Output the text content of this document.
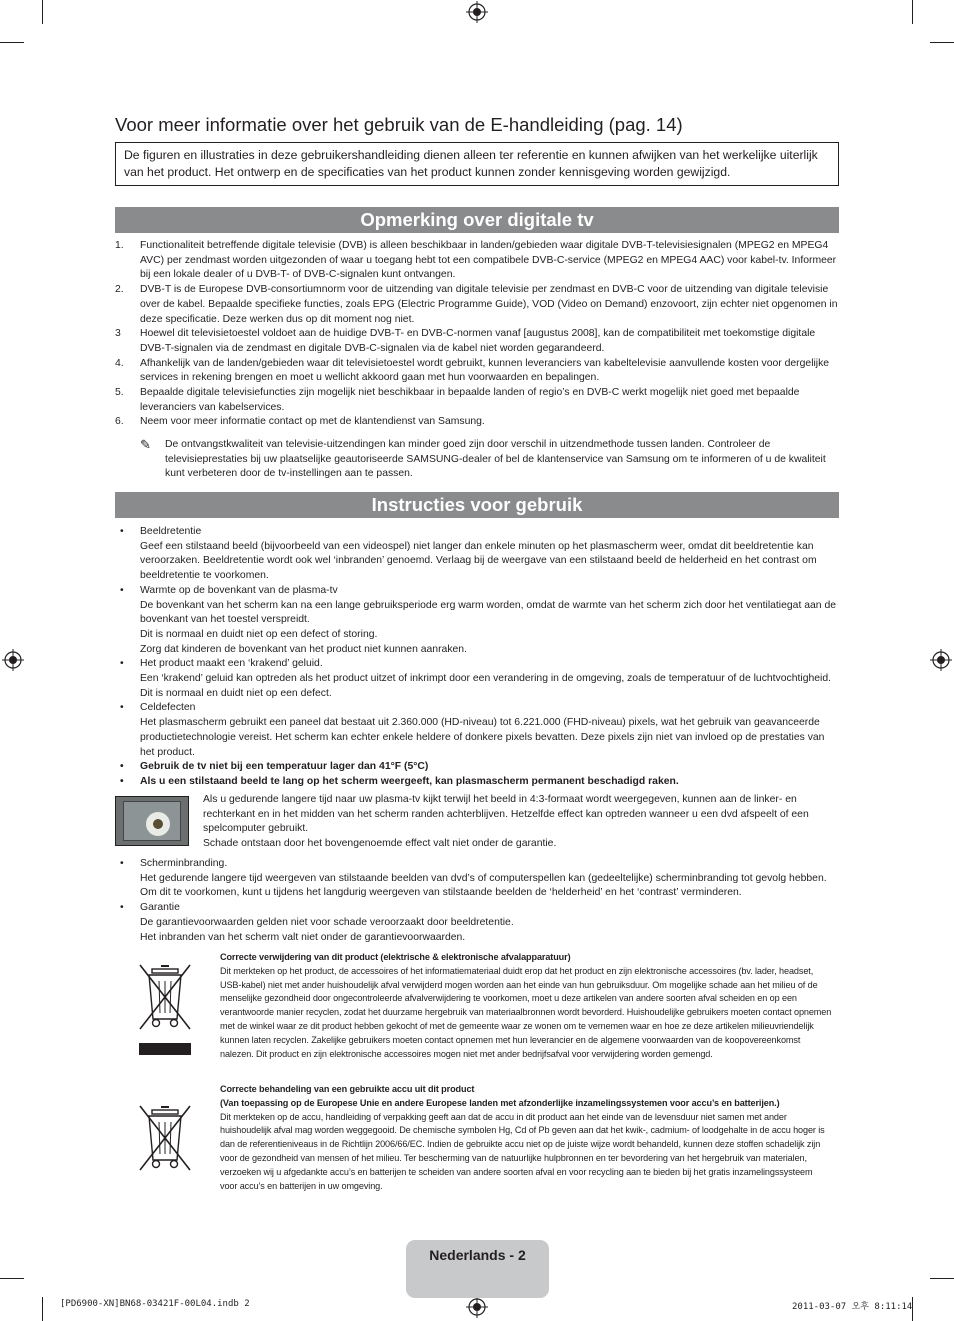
Voor meer informatie over het gebruik van de E-handleiding (pag. 14)
De figuren en illustraties in deze gebruikershandleiding dienen alleen ter referentie en kunnen afwijken van het werkelijke uiterlijk van het product. Het ontwerp en de specificaties van het product kunnen zonder kennisgeving worden gewijzigd.
Opmerking over digitale tv
1. Functionaliteit betreffende digitale televisie (DVB) is alleen beschikbaar in landen/gebieden waar digitale DVB-T-televisiesignalen (MPEG2 en MPEG4 AVC) per zendmast worden uitgezonden of waar u toegang hebt tot een compatibele DVB-C-service (MPEG2 en MPEG4 AAC) voor kabel-tv. Informeer bij een lokale dealer of u DVB-T- of DVB-C-signalen kunt ontvangen.
2. DVB-T is de Europese DVB-consortiumnorm voor de uitzending van digitale televisie per zendmast en DVB-C voor de uitzending van digitale televisie over de kabel. Bepaalde specifieke functies, zoals EPG (Electric Programme Guide), VOD (Video on Demand) enzovoort, zijn echter niet opgenomen in deze specificatie. Deze werken dus op dit moment nog niet.
3 Hoewel dit televisietoestel voldoet aan de huidige DVB-T- en DVB-C-normen vanaf [augustus 2008], kan de compatibiliteit met toekomstige digitale DVB-T-signalen via de zendmast en digitale DVB-C-signalen via de kabel niet worden gegarandeerd.
4. Afhankelijk van de landen/gebieden waar dit televisietoestel wordt gebruikt, kunnen leveranciers van kabeltelevisie aanvullende kosten voor dergelijke services in rekening brengen en moet u wellicht akkoord gaan met hun voorwaarden en bepalingen.
5. Bepaalde digitale televisiefuncties zijn mogelijk niet beschikbaar in bepaalde landen of regio’s en DVB-C werkt mogelijk niet goed met bepaalde leveranciers van kabelservices.
6. Neem voor meer informatie contact op met de klantendienst van Samsung.
✎ De ontvangstkwaliteit van televisie-uitzendingen kan minder goed zijn door verschil in uitzendmethode tussen landen. Controleer de televisieprestaties bij uw plaatselijke geautoriseerde SAMSUNG-dealer of bel de klantenservice van Samsung om te informeren of u de kwaliteit kunt verbeteren door de tv-instellingen aan te passen.
Instructies voor gebruik
• Beeldretentie
Geef een stilstaand beeld (bijvoorbeeld van een videospel) niet langer dan enkele minuten op het plasmascherm weer, omdat dit beeldretentie kan veroorzaken. Beeldretentie wordt ook wel ‘inbranden’ genoemd. Verlaag bij de weergave van een stilstaand beeld de helderheid en het contrast om beeldretentie te voorkomen.
• Warmte op de bovenkant van de plasma-tv
De bovenkant van het scherm kan na een lange gebruiksperiode erg warm worden, omdat de warmte van het scherm zich door het ventilatiegat aan de bovenkant van het toestel verspreidt.
Dit is normaal en duidt niet op een defect of storing.
Zorg dat kinderen de bovenkant van het product niet kunnen aanraken.
• Het product maakt een ‘krakend’ geluid.
Een ‘krakend’ geluid kan optreden als het product uitzet of inkrimpt door een verandering in de omgeving, zoals de temperatuur of de luchtvochtigheid. Dit is normaal en duidt niet op een defect.
• Celdefecten
Het plasmascherm gebruikt een paneel dat bestaat uit 2.360.000 (HD-niveau) tot 6.221.000 (FHD-niveau) pixels, wat het gebruik van geavanceerde productietechnologie vereist. Het scherm kan echter enkele heldere of donkere pixels bevatten. Deze pixels zijn niet van invloed op de prestaties van het product.
• Gebruik de tv niet bij een temperatuur lager dan 41°F (5°C)
• Als u een stilstaand beeld te lang op het scherm weergeeft, kan plasmascherm permanent beschadigd raken.
Als u gedurende langere tijd naar uw plasma-tv kijkt terwijl het beeld in 4:3-formaat wordt weergegeven, kunnen aan de linker- en rechterkant en in het midden van het scherm randen achterblijven. Hetzelfde effect kan optreden wanneer u een dvd afspeelt of een spelcomputer gebruikt.
Schade ontstaan door het bovengenoemde effect valt niet onder de garantie.
• Scherminbranding.
Het gedurende langere tijd weergeven van stilstaande beelden van dvd’s of computerspellen kan (gedeeltelijke) scherminbranding tot gevolg hebben. Om dit te voorkomen, kunt u tijdens het langdurig weergeven van stilstaande beelden de ‘helderheid’ en het ‘contrast’ verminderen.
• Garantie
De garantievoorwaarden gelden niet voor schade veroorzaakt door beeldretentie.
Het inbranden van het scherm valt niet onder de garantievoorwaarden.
Correcte verwijdering van dit product (elektrische & elektronische afvalapparatuur)
Dit merkteken op het product, de accessoires of het informatiemateriaal duidt erop dat het product en zijn elektronische accessoires (bv. lader, headset, USB-kabel) niet met ander huishoudelijk afval verwijderd mogen worden aan het einde van hun gebruiksduur. Om mogelijke schade aan het milieu of de menselijke gezondheid door ongecontroleerde afvalverwijdering te voorkomen, moet u deze artikelen van andere soorten afval scheiden en op een verantwoorde manier recyclen, zodat het duurzame hergebruik van materiaalbronnen wordt bevorderd. Huishoudelijke gebruikers moeten contact opnemen met de winkel waar ze dit product hebben gekocht of met de gemeente waar ze wonen om te vernemen waar en hoe ze deze artikelen milieuvriendelijk kunnen laten recyclen. Zakelijke gebruikers moeten contact opnemen met hun leverancier en de algemene voorwaarden van de koopovereenkomst nalezen. Dit product en zijn elektronische accessoires mogen niet met ander bedrijfsafval voor verwijdering worden gemengd.
Correcte behandeling van een gebruikte accu uit dit product
(Van toepassing op de Europese Unie en andere Europese landen met afzonderlijke inzamelingssystemen voor accu’s en batterijen.)
Dit merkteken op de accu, handleiding of verpakking geeft aan dat de accu in dit product aan het einde van de levensduur niet samen met ander huishoudelijk afval mag worden weggegooid. De chemische symbolen Hg, Cd of Pb geven aan dat het kwik-, cadmium- of loodgehalte in de accu hoger is dan de referentieniveaus in de Richtlijn 2006/66/EC. Indien de gebruikte accu niet op de juiste wijze wordt behandeld, kunnen deze stoffen schadelijk zijn voor de gezondheid van mensen of het milieu. Ter bescherming van de natuurlijke hulpbronnen en ter bevordering van het hergebruik van materialen, verzoeken wij u afgedankte accu’s en batterijen te scheiden van andere soorten afval en voor recycling aan te bieden bij het gratis inzamelingssysteem voor accu’s en batterijen in uw omgeving.
Nederlands - 2
[PD6900-XN]BN68-03421F-00L04.indb 2	2011-03-07 오후 8:11:14
